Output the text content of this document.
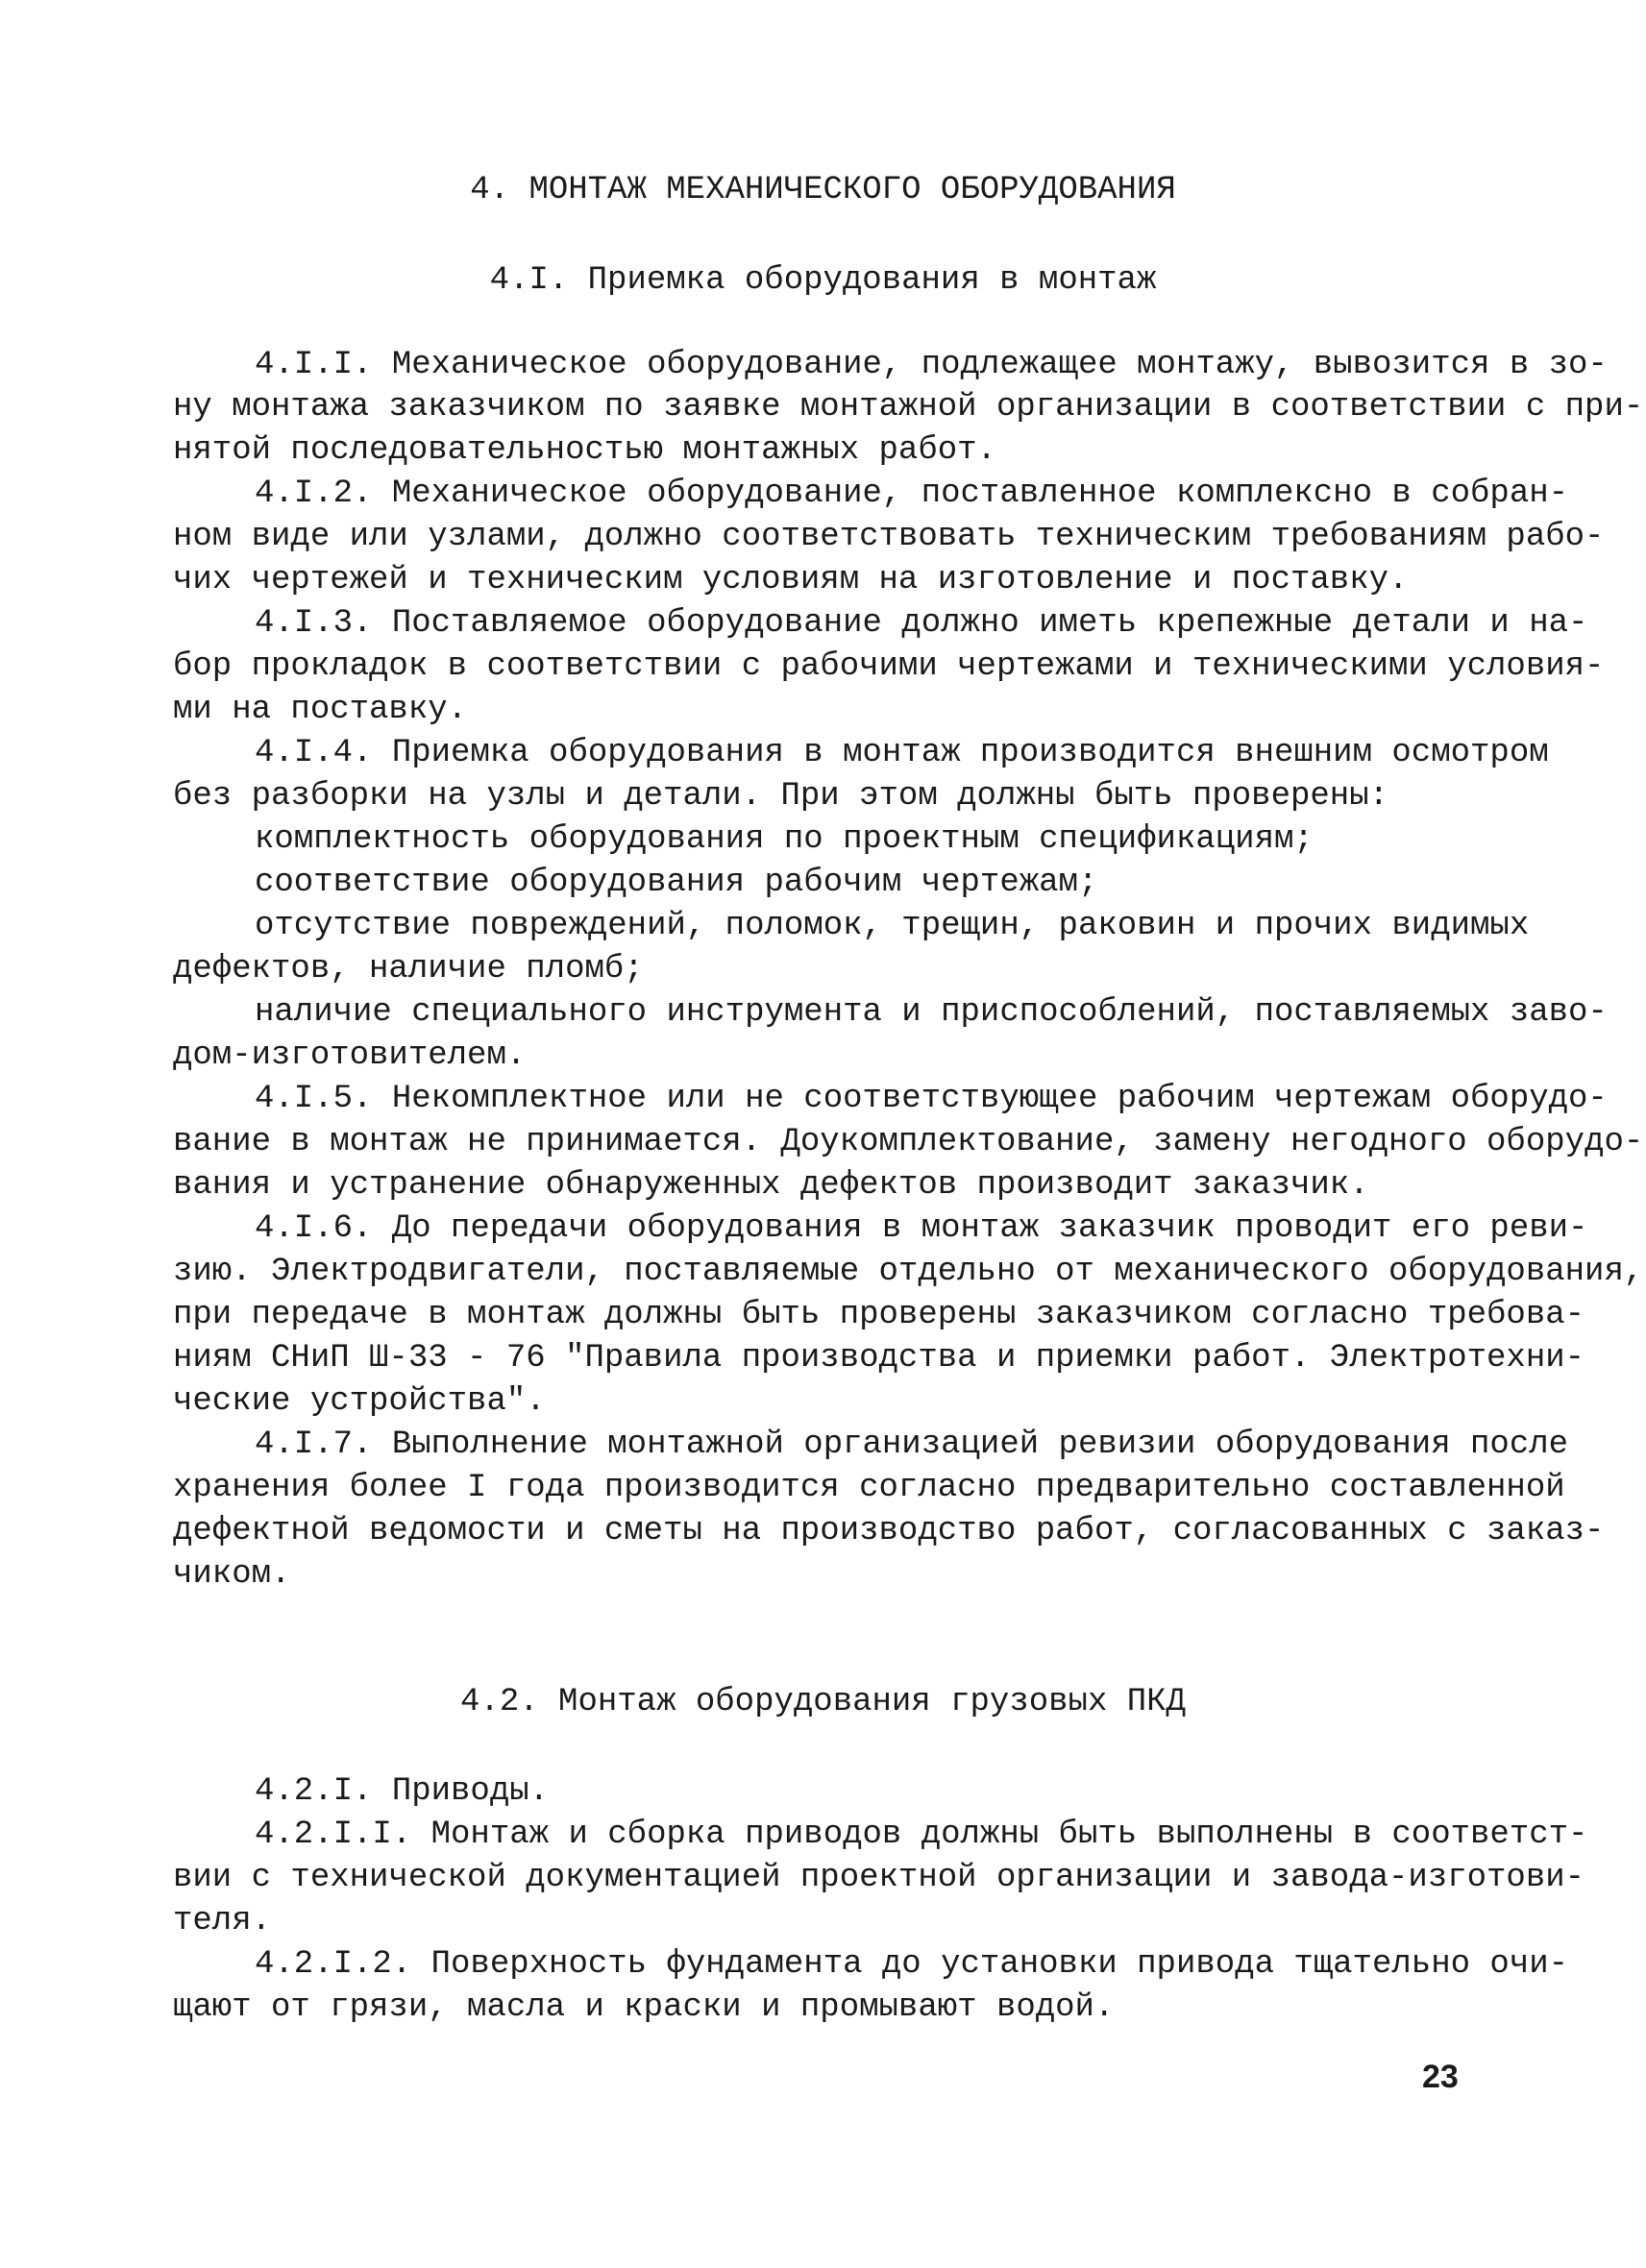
4. МОНТАЖ МЕХАНИЧЕСКОГО ОБОРУДОВАНИЯ
4.I. Приемка оборудования в монтаж
4.I.I. Механическое оборудование, подлежащее монтажу, вывозится в зо-
ну монтажа заказчиком по заявке монтажной организации в соответствии с при-
нятой последовательностью монтажных работ.
4.I.2. Механическое оборудование, поставленное комплексно в собран-
ном виде или узлами, должно соответствовать техническим требованиям рабо-
чих чертежей и техническим условиям на изготовление и поставку.
4.I.3. Поставляемое оборудование должно иметь крепежные детали и на-
бор прокладок в соответствии с рабочими чертежами и техническими условия-
ми на поставку.
4.I.4. Приемка оборудования в монтаж производится внешним осмотром
без разборки на узлы и детали. При этом должны быть проверены:
комплектность оборудования по проектным спецификациям;
соответствие оборудования рабочим чертежам;
отсутствие повреждений, поломок, трещин, раковин и прочих видимых
дефектов, наличие пломб;
наличие специального инструмента и приспособлений, поставляемых заво-
дом-изготовителем.
4.I.5. Некомплектное или не соответствующее рабочим чертежам оборудо-
вание в монтаж не принимается. Доукомплектование, замену негодного оборудо-
вания и устранение обнаруженных дефектов производит заказчик.
4.I.6. До передачи оборудования в монтаж заказчик проводит его реви-
зию. Электродвигатели, поставляемые отдельно от механического оборудования,
при передаче в монтаж должны быть проверены заказчиком согласно требова-
ниям СНиП Ш-33 - 76 "Правила производства и приемки работ. Электротехни-
ческие устройства".
4.I.7. Выполнение монтажной организацией ревизии оборудования после
хранения более I года производится согласно предварительно составленной
дефектной ведомости и сметы на производство работ, согласованных с заказ-
чиком.
4.2. Монтаж оборудования грузовых ПКД
4.2.I. Приводы.
4.2.I.I. Монтаж и сборка приводов должны быть выполнены в соответст-
вии с технической документацией проектной организации и завода-изготови-
теля.
4.2.I.2. Поверхность фундамента до установки привода тщательно очи-
щают от грязи, масла и краски и промывают водой.
23
